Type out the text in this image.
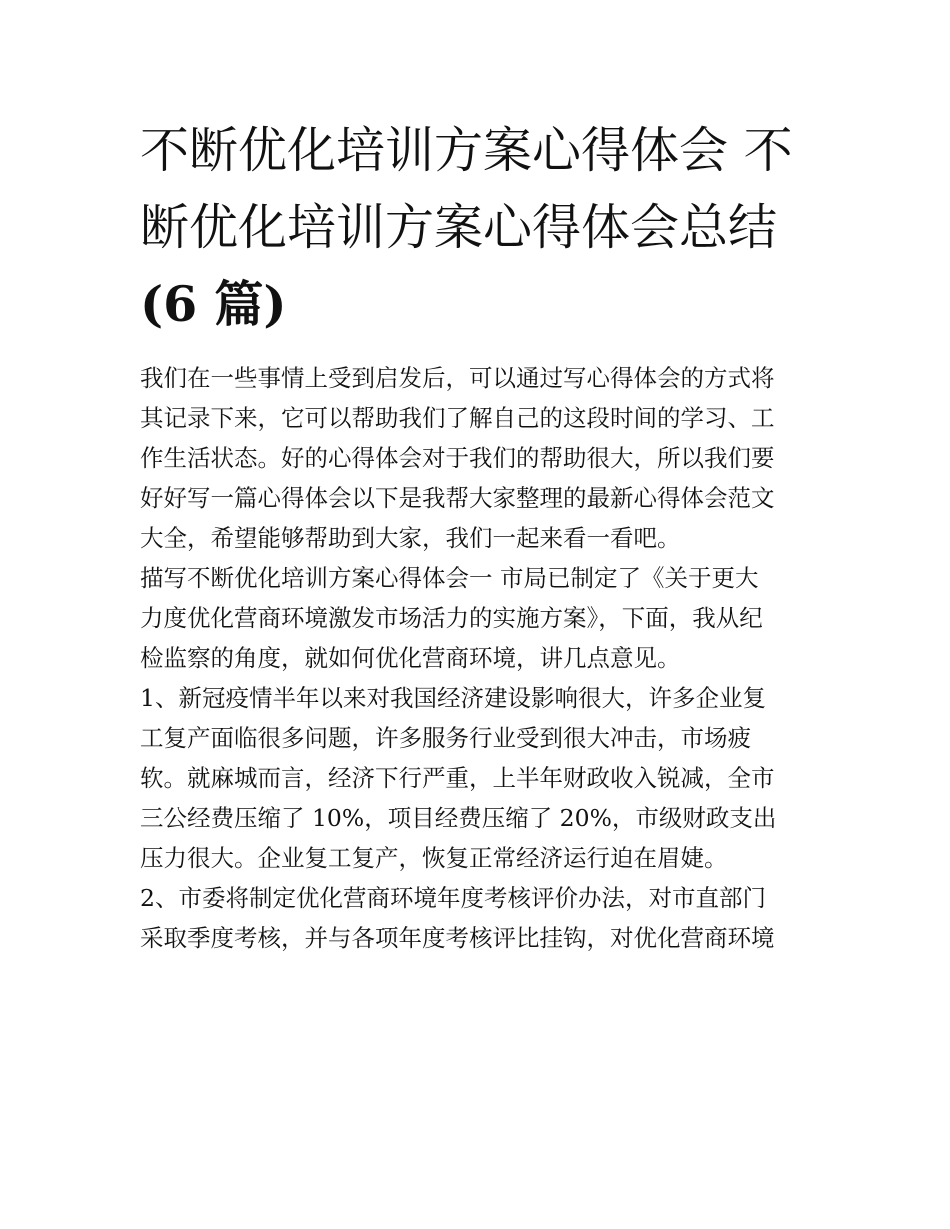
不断优化培训方案心得体会 不
断优化培训方案心得体会总结
(6 篇)
我们在一些事情上受到启发后，可以通过写心得体会的方式将
其记录下来，它可以帮助我们了解自己的这段时间的学习、工
作生活状态。好的心得体会对于我们的帮助很大，所以我们要
好好写一篇心得体会以下是我帮大家整理的最新心得体会范文
大全，希望能够帮助到大家，我们一起来看一看吧。
描写不断优化培训方案心得体会一 市局已制定了《关于更大
力度优化营商环境激发市场活力的实施方案》，下面，我从纪
检监察的角度，就如何优化营商环境，讲几点意见。
1、新冠疫情半年以来对我国经济建设影响很大，许多企业复
工复产面临很多问题，许多服务行业受到很大冲击，市场疲
软。就麻城而言，经济下行严重，上半年财政收入锐减，全市
三公经费压缩了 10%，项目经费压缩了 20%，市级财政支出
压力很大。企业复工复产，恢复正常经济运行迫在眉婕。
2、市委将制定优化营商环境年度考核评价办法，对市直部门
采取季度考核，并与各项年度考核评比挂钩，对优化营商环境
